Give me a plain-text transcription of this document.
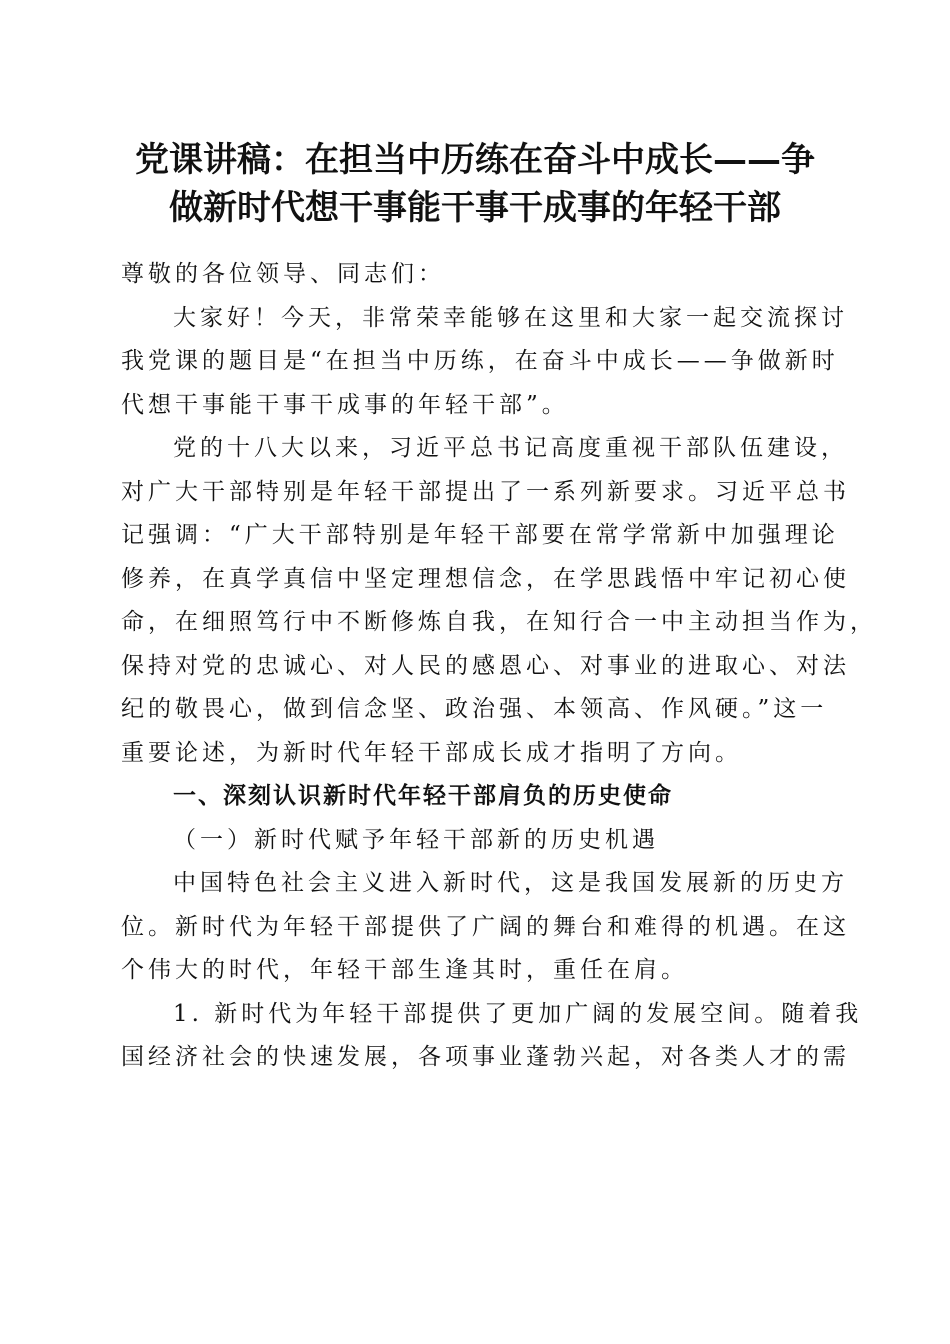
党课讲稿：在担当中历练在奋斗中成长——争
做新时代想干事能干事干成事的年轻干部
尊敬的各位领导、同志们：
大家好！今天，非常荣幸能够在这里和大家一起交流探讨
我党课的题目是“在担当中历练，在奋斗中成长——争做新时
代想干事能干事干成事的年轻干部”。
党的十八大以来，习近平总书记高度重视干部队伍建设，
对广大干部特别是年轻干部提出了一系列新要求。习近平总书
记强调：“广大干部特别是年轻干部要在常学常新中加强理论
修养，在真学真信中坚定理想信念，在学思践悟中牢记初心使
命，在细照笃行中不断修炼自我，在知行合一中主动担当作为，
保持对党的忠诚心、对人民的感恩心、对事业的进取心、对法
纪的敬畏心，做到信念坚、政治强、本领高、作风硬。”这一
重要论述，为新时代年轻干部成长成才指明了方向。
一、深刻认识新时代年轻干部肩负的历史使命
（一）新时代赋予年轻干部新的历史机遇
中国特色社会主义进入新时代，这是我国发展新的历史方
位。新时代为年轻干部提供了广阔的舞台和难得的机遇。在这
个伟大的时代，年轻干部生逢其时，重任在肩。
1. 新时代为年轻干部提供了更加广阔的发展空间。随着我
国经济社会的快速发展，各项事业蓬勃兴起，对各类人才的需
